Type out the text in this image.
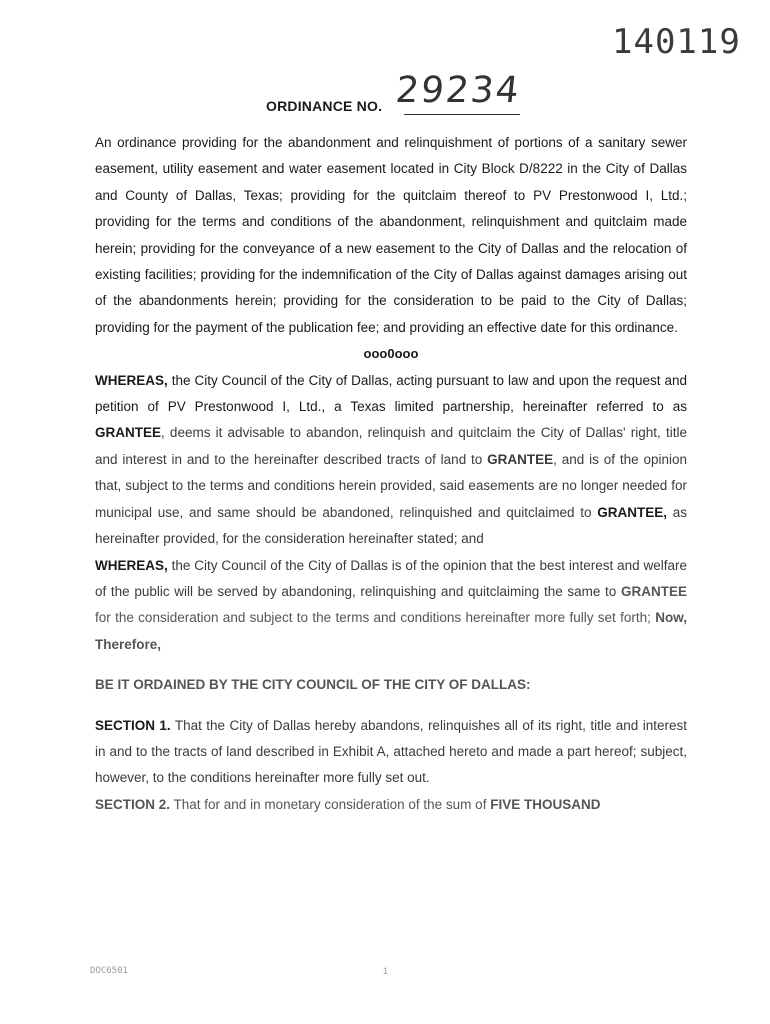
140119
ORDINANCE NO. 29234

An ordinance providing for the abandonment and relinquishment of portions of a sanitary sewer easement, utility easement and water easement located in City Block D/8222 in the City of Dallas and County of Dallas, Texas; providing for the quitclaim thereof to PV Prestonwood I, Ltd.; providing for the terms and conditions of the abandonment, relinquishment and quitclaim made herein; providing for the conveyance of a new easement to the City of Dallas and the relocation of existing facilities; providing for the indemnification of the City of Dallas against damages arising out of the abandonments herein; providing for the consideration to be paid to the City of Dallas; providing for the payment of the publication fee; and providing an effective date for this ordinance.

ooo0ooo

WHEREAS, the City Council of the City of Dallas, acting pursuant to law and upon the request and petition of PV Prestonwood I, Ltd., a Texas limited partnership, hereinafter referred to as GRANTEE, deems it advisable to abandon, relinquish and quitclaim the City of Dallas' right, title and interest in and to the hereinafter described tracts of land to GRANTEE, and is of the opinion that, subject to the terms and conditions herein provided, said easements are no longer needed for municipal use, and same should be abandoned, relinquished and quitclaimed to GRANTEE, as hereinafter provided, for the consideration hereinafter stated; and

WHEREAS, the City Council of the City of Dallas is of the opinion that the best interest and welfare of the public will be served by abandoning, relinquishing and quitclaiming the same to GRANTEE for the consideration and subject to the terms and conditions hereinafter more fully set forth; Now, Therefore,

BE IT ORDAINED BY THE CITY COUNCIL OF THE CITY OF DALLAS:

SECTION 1. That the City of Dallas hereby abandons, relinquishes all of its right, title and interest in and to the tracts of land described in Exhibit A, attached hereto and made a part hereof; subject, however, to the conditions hereinafter more fully set out.

SECTION 2. That for and in monetary consideration of the sum of FIVE THOUSAND

DOC6501	1
